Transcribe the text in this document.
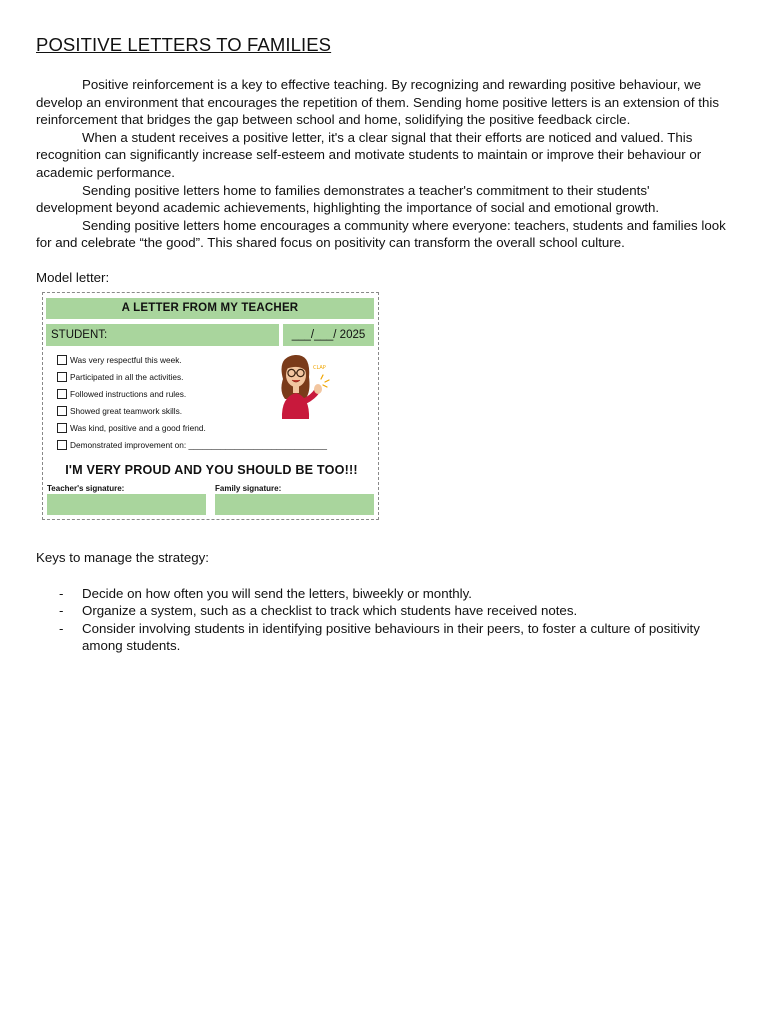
POSITIVE LETTERS TO FAMILIES

Positive reinforcement is a key to effective teaching. By recognizing and rewarding positive behaviour, we develop an environment that encourages the repetition of them. Sending home positive letters is an extension of this reinforcement that bridges the gap between school and home, solidifying the positive feedback circle.

When a student receives a positive letter, it's a clear signal that their efforts are noticed and valued. This recognition can significantly increase self-esteem and motivate students to maintain or improve their behaviour or academic performance.

Sending positive letters home to families demonstrates a teacher's commitment to their students' development beyond academic achievements, highlighting the importance of social and emotional growth.

Sending positive letters home encourages a community where everyone: teachers, students and families look for and celebrate “the good”. This shared focus on positivity can transform the overall school culture.

Model letter:
A LETTER FROM MY TEACHER
STUDENT:	___/___/ 2025
Was very respectful this week.
Participated in all the activities.
Followed instructions and rules.
Showed great teamwork skills.
Was kind, positive and a good friend.
Demonstrated improvement on: ______________________________
CLAP
I'M VERY PROUD AND YOU SHOULD BE TOO!!!
Teacher's signature:	Family signature:
Keys to manage the strategy:
- Decide on how often you will send the letters, biweekly or monthly.
- Organize a system, such as a checklist to track which students have received notes.
- Consider involving students in identifying positive behaviours in their peers, to foster a culture of positivity among students.
